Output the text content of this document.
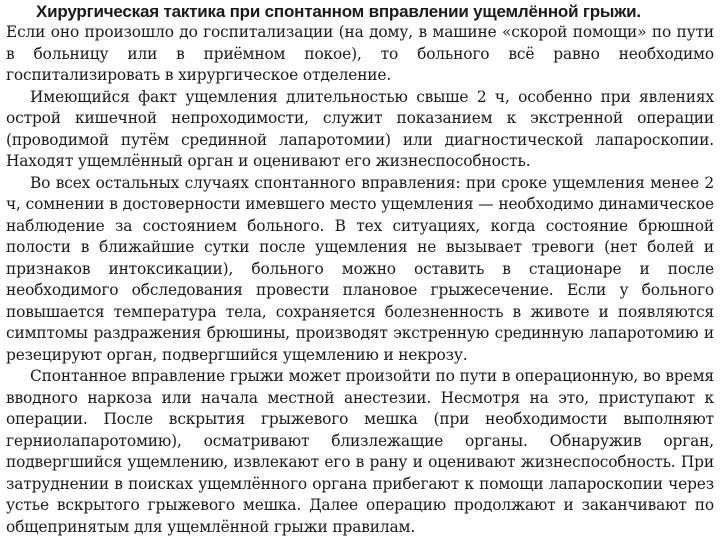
Хирургическая тактика при спонтанном вправлении ущемлённой грыжи.

Если оно произошло до госпитализации (на дому, в машине «скорой помощи» по пути в больницу или в приёмном покое), то больного всё равно необходимо госпитализировать в хирургическое отделение.

Имеющийся факт ущемления длительностью свыше 2 ч, особенно при явлениях острой кишечной непроходимости, служит показанием к экстренной операции (проводимой путём срединной лапаротомии) или диагностической лапароскопии. Находят ущемлённый орган и оценивают его жизнеспособность.

Во всех остальных случаях спонтанного вправления: при сроке ущемления менее 2 ч, сомнении в достоверности имевшего место ущемления — необходимо динамическое наблюдение за состоянием больного. В тех ситуациях, когда состояние брюшной полости в ближайшие сутки после ущемления не вызывает тревоги (нет болей и признаков интоксикации), больного можно оставить в стационаре и после необходимого обследования провести плановое грыжесечение. Если у больного повышается температура тела, сохраняется болезненность в животе и появляются симптомы раздражения брюшины, производят экстренную срединную лапаротомию и резецируют орган, подвергшийся ущемлению и некрозу.

Спонтанное вправление грыжи может произойти по пути в операционную, во время вводного наркоза или начала местной анестезии. Несмотря на это, приступают к операции. После вскрытия грыжевого мешка (при необходимости выполняют герниолапаротомию), осматривают близлежащие органы. Обнаружив орган, подвергшийся ущемлению, извлекают его в рану и оценивают жизнеспособность. При затруднении в поисках ущемлённого органа прибегают к помощи лапароскопии через устье вскрытого грыжевого мешка. Далее операцию продолжают и заканчивают по общепринятым для ущемлённой грыжи правилам.
